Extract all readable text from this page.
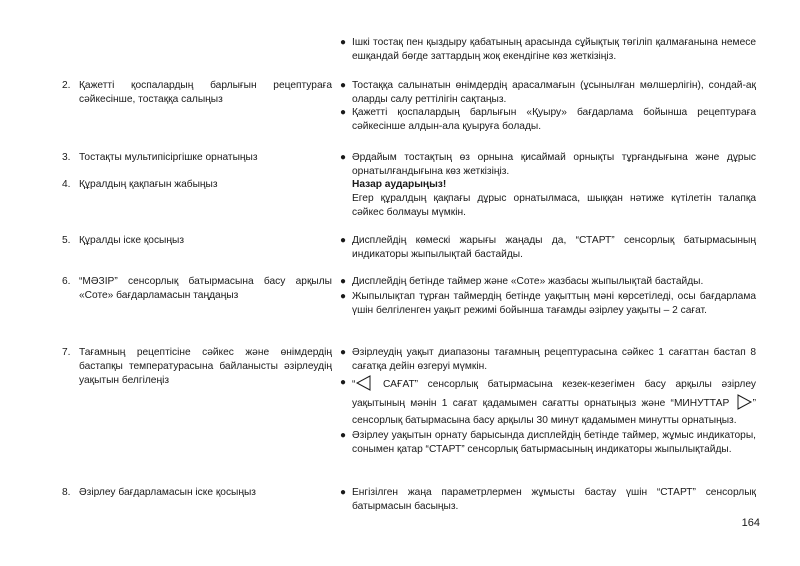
2. Қажетті қоспалардың барлығын рецептураға сәйкесінше, тостаққа салыңыз
3. Тостақты мультипісіргішке орнатыңыз
4. Құралдың қақпағын жабыңыз
5. Құралды іске қосыңыз
6. “МӘЗІР” сенсорлық батырмасына басу арқылы «Соте» бағдарламасын таңдаңыз
7. Тағамның рецептісіне сәйкес және өнімдердің бастапқы температурасына байланысты әзірлеудің уақытын белгілеңіз
8. Әзірлеу бағдарламасын іске қосыңыз
● Ішкі тостақ пен қыздыру қабатының арасында сұйықтық төгіліп қалмағанына немесе ешқандай бөгде заттардың жоқ екендігіне көз жеткізіңіз.
● Тостаққа салынатын өнімдердің арасалмағын (ұсынылған мөлшерлігін), сондай-ақ оларды салу реттілігін сақтаңыз.
● Қажетті қоспалардың барлығын «Қуыру» бағдарлама бойынша рецептураға сәйкесінше алдын-ала қуыруға болады.
● Әрдайым тостақтың өз орнына қисаймай орнықты тұрғандығына және дұрыс орнатылғандығына көз жеткізіңіз.
Назар аударыңыз!
Егер құралдың қақпағы дұрыс орнатылмаса, шыққан нәтиже күтілетін талапқа сәйкес болмауы мүмкін.
● Дисплейдің көмескі жарығы жаңады да, “СТАРТ” сенсорлық батырмасының индикаторы жыпылықтай бастайды.
● Дисплейдің бетінде таймер және «Соте» жазбасы жыпылықтай бастайды.
● Жыпылықтап тұрған таймердің бетінде уақыттың мәні көрсетіледі, осы бағдарлама үшін белгіленген уақыт режимі бойынша тағамды әзірлеу уақыты – 2 сағат.
● Әзірлеудің уақыт диапазоны тағамның рецептурасына сәйкес 1 сағаттан бастап 8 сағатқа дейін өзгеруі мүмкін.
● “	САҒАТ” сенсорлық батырмасына кезек-кезегімен басу арқылы әзірлеу уақытының мәнін 1 сағат қадамымен сағатты орнатыңыз және “МИНУТТАР ” сенсорлық батырмасына басу арқылы 30 минут қадамымен минутты орнатыңыз.
● Әзірлеу уақытын орнату барысында дисплейдің бетінде таймер, жұмыс индикаторы, сонымен қатар “СТАРТ” сенсорлық батырмасының индикаторы жыпылықтайды.
● Енгізілген жаңа параметрлермен жұмысты бастау үшін “СТАРТ” сенсорлық батырмасын басыңыз.
164
